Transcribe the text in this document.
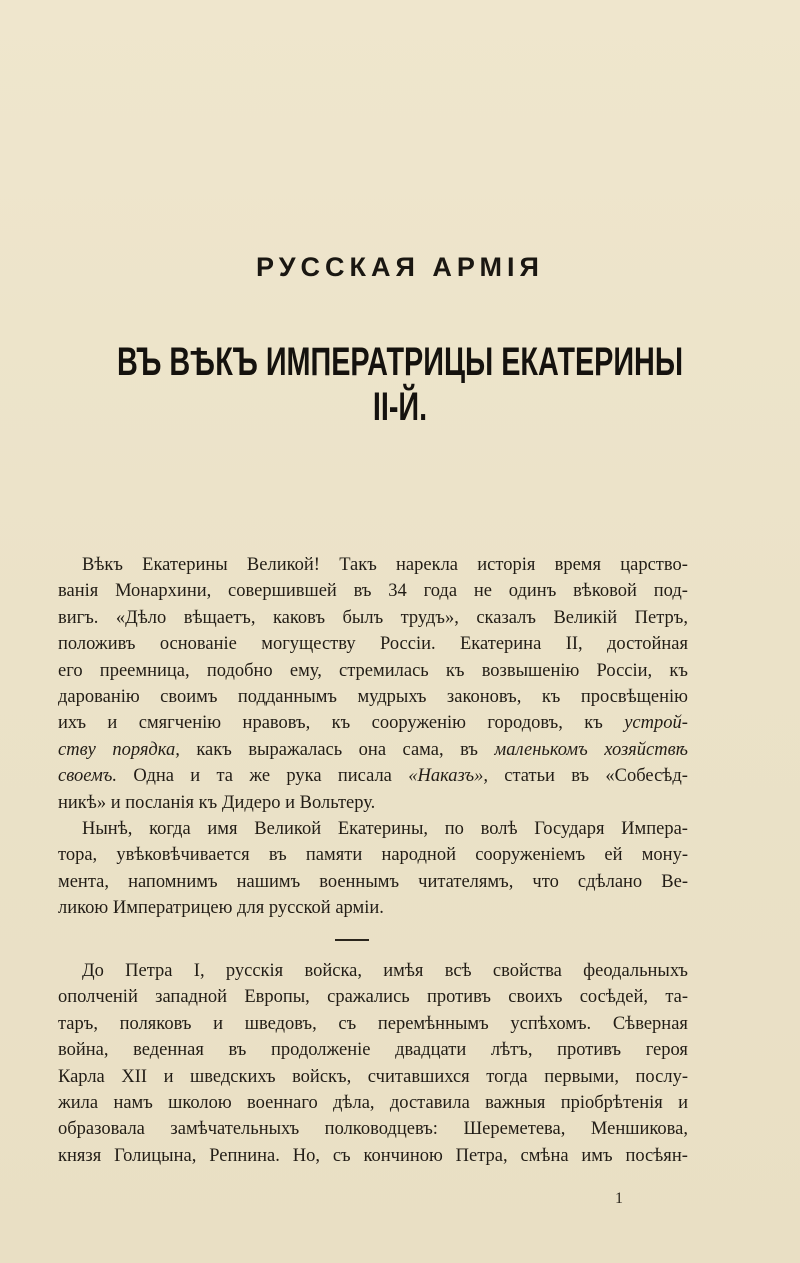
РУССКАЯ АРМІЯ
ВЪ ВѢКЪ ИМПЕРАТРИЦЫ ЕКАТЕРИНЫ ІІ-Й.
Вѣкъ Екатерины Великой! Такъ нарекла исторія время царство-
ванія Монархини, совершившей въ 34 года не одинъ вѣковой под-
вигъ. «Дѣло вѣщаетъ, каковъ былъ трудъ», сказалъ Великій Петръ,
положивъ основаніе могуществу Россіи. Екатерина II, достойная
его преемница, подобно ему, стремилась къ возвышенію Россіи, къ
дарованію своимъ подданнымъ мудрыхъ законовъ, къ просвѣщенію
ихъ и смягченію нравовъ, къ сооруженію городовъ, къ устрой-
ству порядка, какъ выражалась она сама, въ маленькомъ хозяйствѣ
своемъ. Одна и та же рука писала «Наказъ», статьи въ «Собесѣд-
никѣ» и посланія къ Дидеро и Вольтеру.
Нынѣ, когда имя Великой Екатерины, по волѣ Государя Импера-
тора, увѣковѣчивается въ памяти народной сооруженіемъ ей мону-
мента, напомнимъ нашимъ военнымъ читателямъ, что сдѣлано Ве-
ликою Императрицею для русской арміи.
До Петра I, русскія войска, имѣя всѣ свойства феодальныхъ
ополченій западной Европы, сражались противъ своихъ сосѣдей, та-
таръ, поляковъ и шведовъ, съ перемѣннымъ успѣхомъ. Сѣверная
война, веденная въ продолженіе двадцати лѣтъ, противъ героя
Карла XII и шведскихъ войскъ, считавшихся тогда первыми, послу-
жила намъ школою военнаго дѣла, доставила важныя пріобрѣтенія и
образовала замѣчательныхъ полководцевъ: Шереметева, Меншикова,
князя Голицына, Репнина. Но, съ кончиною Петра, смѣна имъ посѣян-
1
